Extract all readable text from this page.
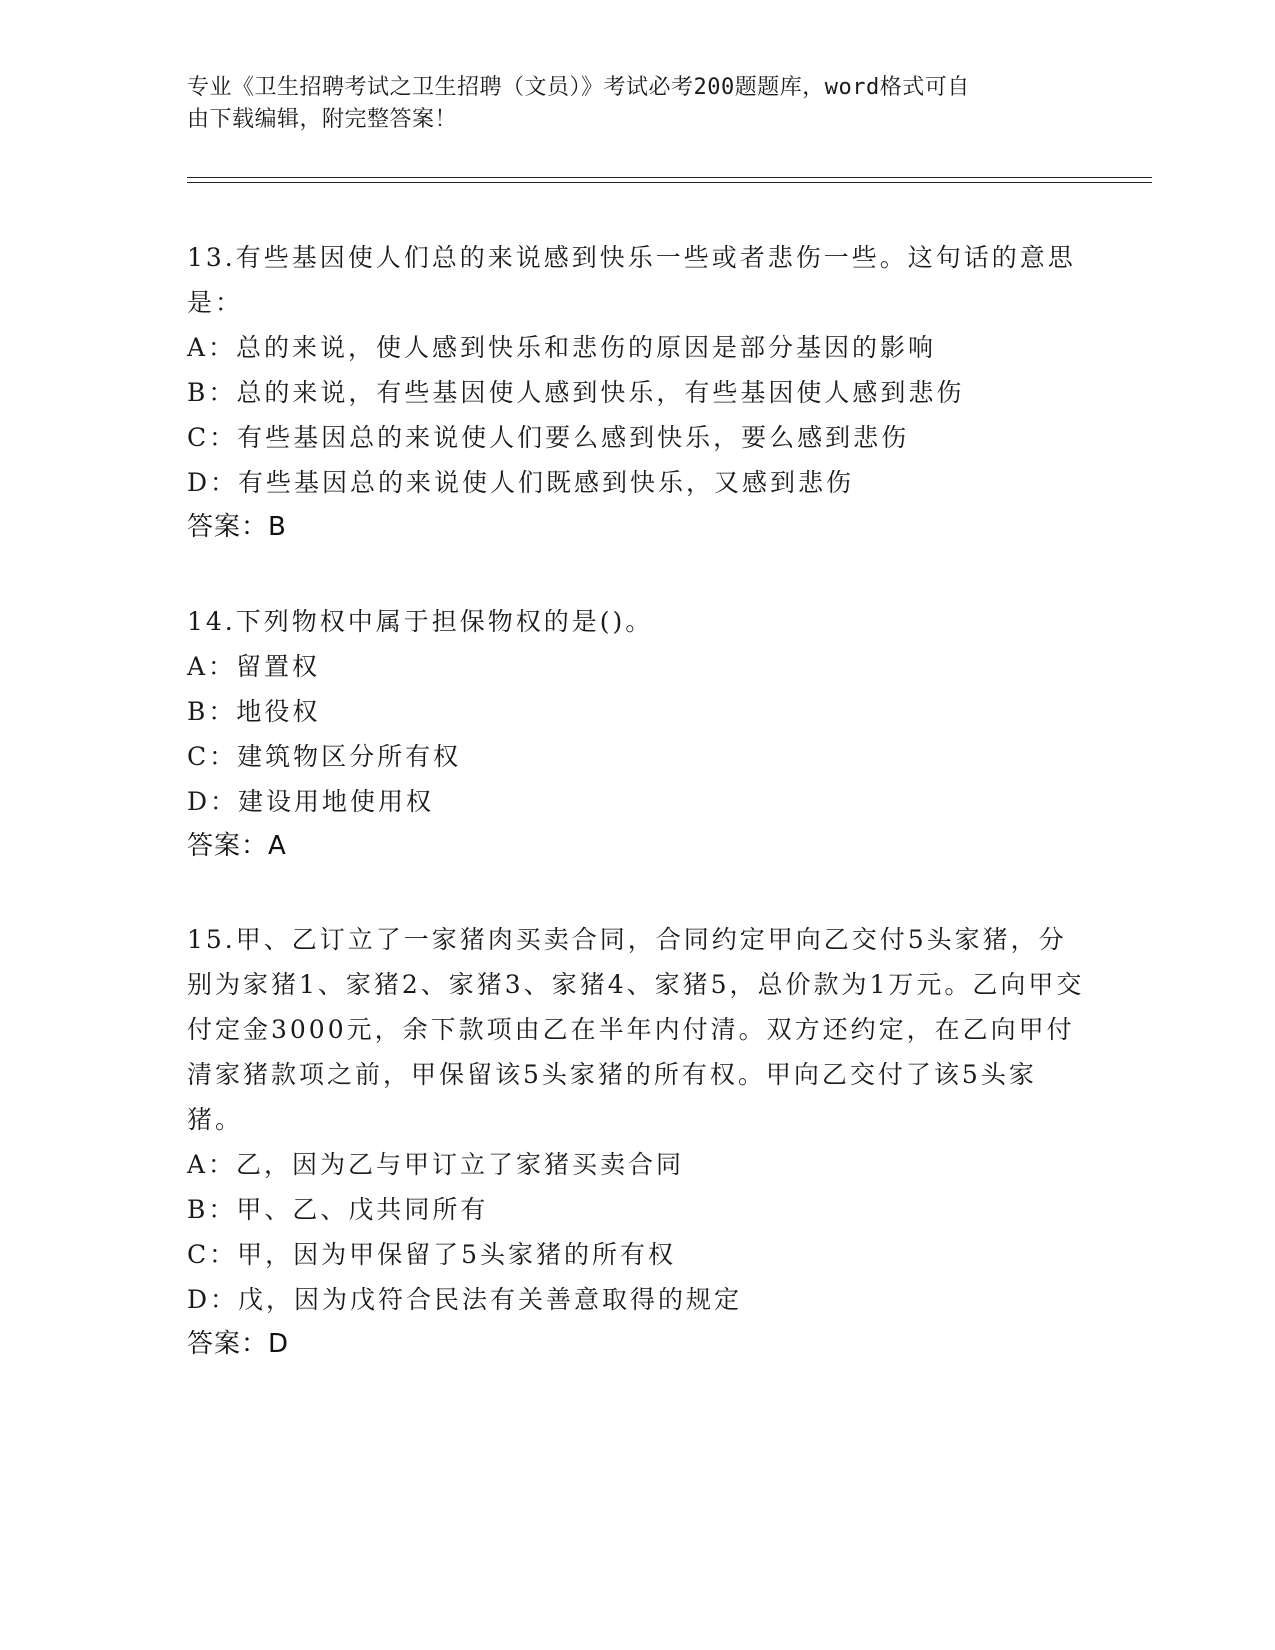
专业《卫生招聘考试之卫生招聘（文员）》考试必考200题题库，word格式可自
由下载编辑，附完整答案！
13.有些基因使人们总的来说感到快乐一些或者悲伤一些。这句话的意思是：
A：总的来说，使人感到快乐和悲伤的原因是部分基因的影响
B：总的来说，有些基因使人感到快乐，有些基因使人感到悲伤
C：有些基因总的来说使人们要么感到快乐，要么感到悲伤
D：有些基因总的来说使人们既感到快乐，又感到悲伤
答案：B
14.下列物权中属于担保物权的是()。
A：留置权
B：地役权
C：建筑物区分所有权
D：建设用地使用权
答案：A
15.甲、乙订立了一家猪肉买卖合同，合同约定甲向乙交付5头家猪，分别为家猪1、家猪2、家猪3、家猪4、家猪5，总价款为1万元。乙向甲交付定金3000元，余下款项由乙在半年内付清。双方还约定，在乙向甲付清家猪款项之前，甲保留该5头家猪的所有权。甲向乙交付了该5头家猪。
A：乙，因为乙与甲订立了家猪买卖合同
B：甲、乙、戊共同所有
C：甲，因为甲保留了5头家猪的所有权
D：戊，因为戊符合民法有关善意取得的规定
答案：D
